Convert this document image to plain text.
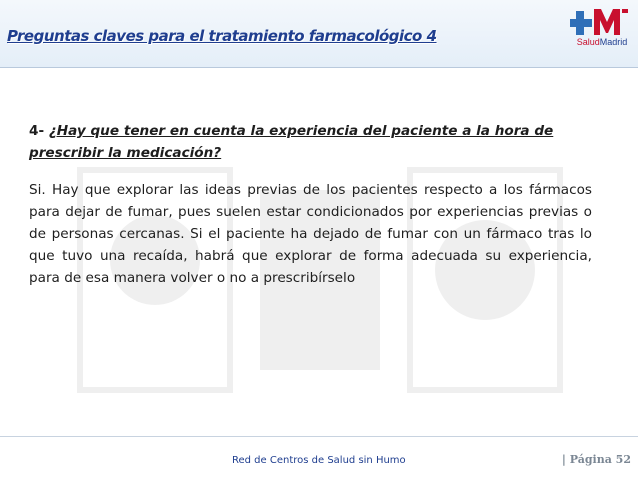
Preguntas claves para el tratamiento farmacológico 4	SaludMadrid

4- ¿Hay que tener en cuenta la experiencia del paciente a la hora de prescribir la medicación?

Si. Hay que explorar las ideas previas de los pacientes respecto a los fármacos para dejar de fumar, pues suelen estar condicionados por experiencias previas o de personas cercanas. Si el paciente ha dejado de fumar con un fármaco tras lo que tuvo una recaída, habrá que explorar de forma adecuada su experiencia, para de esa manera volver o no a prescribírselo

Red de Centros de Salud sin Humo	| Página 52
